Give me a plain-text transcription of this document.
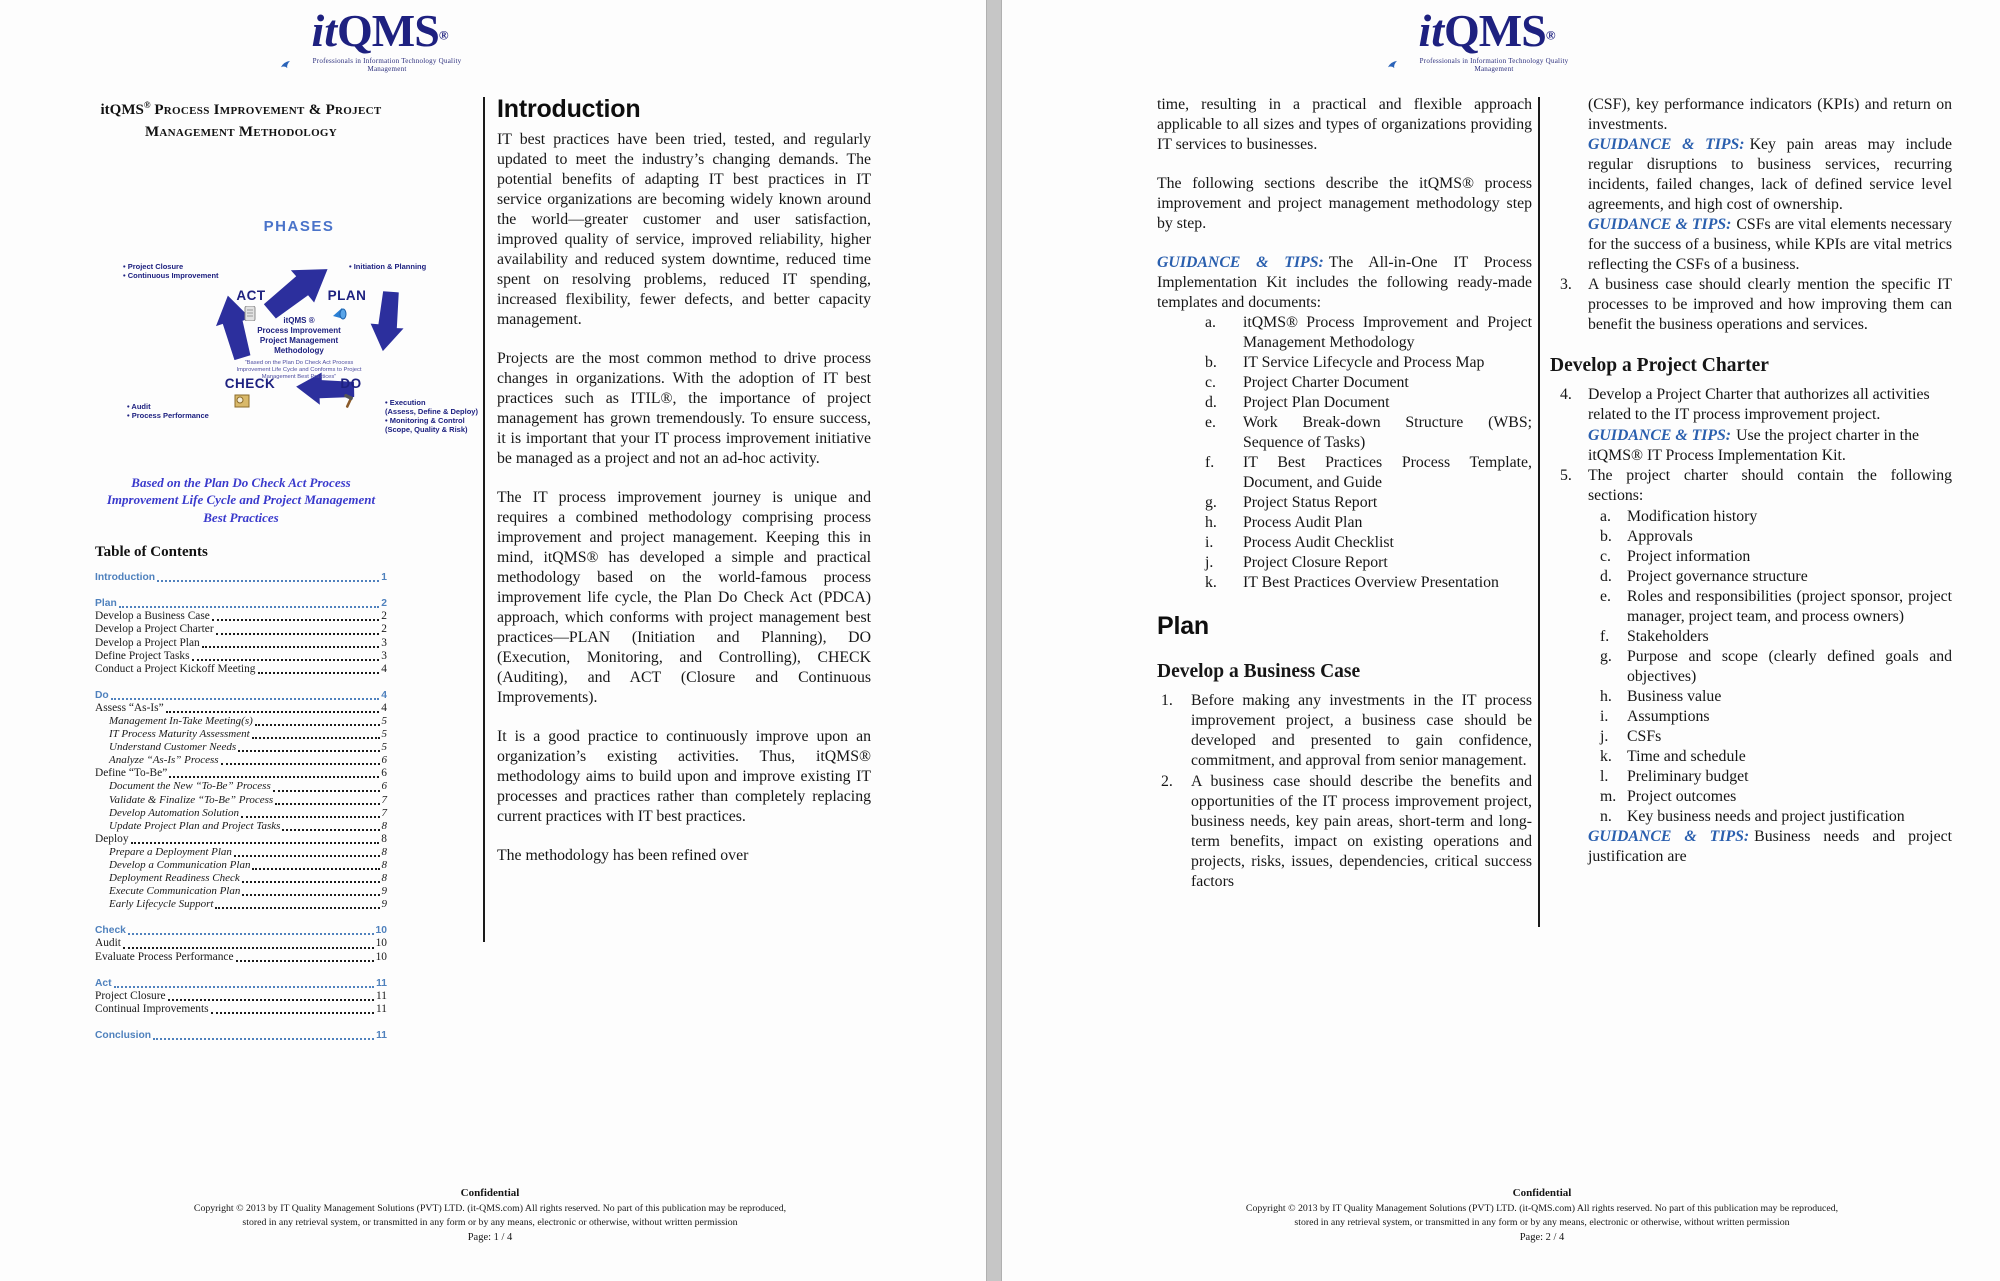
itQMS®
Professionals in Information Technology Quality Management
itQMS® Process Improvement & Project Management Methodology
PHASES
ACT	PLAN
CHECK	DO
• Project Closure
• Continuous Improvement
• Initiation & Planning
• Audit
• Process Performance
• Execution
(Assess, Define & Deploy)
• Monitoring & Control
(Scope, Quality & Risk)
itQMS ®
Process Improvement
Project Management
Methodology
“Based on the Plan Do Check Act Process Improvement Life Cycle and Conforms to Project Management Best Practices”
Based on the Plan Do Check Act Process Improvement Life Cycle and Project Management Best Practices
Table of Contents
Introduction	1
Plan	2
Develop a Business Case	2
Develop a Project Charter	2
Develop a Project Plan	3
Define Project Tasks	3
Conduct a Project Kickoff Meeting	4
Do	4
Assess “As-Is”	4
Management In-Take Meeting(s)	5
IT Process Maturity Assessment	5
Understand Customer Needs	5
Analyze “As-Is” Process	6
Define “To-Be”	6
Document the New “To-Be” Process	6
Validate & Finalize “To-Be” Process	7
Develop Automation Solution	7
Update Project Plan and Project Tasks	8
Deploy	8
Prepare a Deployment Plan	8
Develop a Communication Plan	8
Deployment Readiness Check	8
Execute Communication Plan	9
Early Lifecycle Support	9
Check	10
Audit	10
Evaluate Process Performance	10
Act	11
Project Closure	11
Continual Improvements	11
Conclusion	11
Introduction

IT best practices have been tried, tested, and regularly updated to meet the industry’s changing demands. The potential benefits of adapting IT best practices in IT service organizations are becoming widely known around the world—greater customer and user satisfaction, improved quality of service, improved reliability, higher availability and reduced system downtime, reduced time spent on resolving problems, reduced IT spending, increased flexibility, fewer defects, and better capacity management.

Projects are the most common method to drive process changes in organizations. With the adoption of IT best practices such as ITIL®, the importance of project management has grown tremendously. To ensure success, it is important that your IT process improvement initiative be managed as a project and not an ad-hoc activity.

The IT process improvement journey is unique and requires a combined methodology comprising process improvement and project management. Keeping this in mind, itQMS® has developed a simple and practical methodology based on the world-famous process improvement life cycle, the Plan Do Check Act (PDCA) approach, which conforms with project management best practices—PLAN (Initiation and Planning), DO (Execution, Monitoring, and Controlling), CHECK (Auditing), and ACT (Closure and Continuous Improvements).

It is a good practice to continuously improve upon an organization’s existing activities. Thus, itQMS® methodology aims to build upon and improve existing IT processes and practices rather than completely replacing current practices with IT best practices.

The methodology has been refined over

Confidential
Copyright © 2013 by IT Quality Management Solutions (PVT) LTD. (it-QMS.com) All rights reserved. No part of this publication may be reproduced,
stored in any retrieval system, or transmitted in any form or by any means, electronic or otherwise, without written permission
Page: 1 / 4
itQMS®
Professionals in Information Technology Quality Management

time, resulting in a practical and flexible approach applicable to all sizes and types of organizations providing IT services to businesses.

The following sections describe the itQMS® process improvement and project management methodology step by step.

GUIDANCE & TIPS: The All-in-One IT Process Implementation Kit includes the following ready-made templates and documents:

a.	itQMS® Process Improvement and Project Management Methodology
b.	IT Service Lifecycle and Process Map
c.	Project Charter Document
d.	Project Plan Document
e.	Work Break-down Structure (WBS; Sequence of Tasks)
f.	IT Best Practices Process Template, Document, and Guide
g.	Project Status Report
h.	Process Audit Plan
i.	Process Audit Checklist
j.	Project Closure Report
k.	IT Best Practices Overview Presentation
Plan
Develop a Business Case
1.	Before making any investments in the IT process improvement project, a business case should be developed and presented to gain confidence, commitment, and approval from senior management.
2.	A business case should describe the benefits and opportunities of the IT process improvement project, business needs, key pain areas, short-term and long-term benefits, impact on existing operations and projects, risks, issues, dependencies, critical success factors

(CSF), key performance indicators (KPIs) and return on investments.

GUIDANCE & TIPS: Key pain areas may include regular disruptions to business services, recurring incidents, failed changes, lack of defined service level agreements, and high cost of ownership.

GUIDANCE & TIPS: CSFs are vital elements necessary for the success of a business, while KPIs are vital metrics reflecting the CSFs of a business.

3.	A business case should clearly mention the specific IT processes to be improved and how improving them can benefit the business operations and services.
Develop a Project Charter
4.	Develop a Project Charter that authorizes all activities related to the IT process improvement project.

GUIDANCE & TIPS: Use the project charter in the itQMS® IT Process Implementation Kit.

5.	The project charter should contain the following sections:
a.	Modification history
b. Approvals
c.	Project information
d. Project governance structure
e.	Roles and responsibilities (project sponsor, project manager, project team, and process owners)
f.	Stakeholders
g. Purpose and scope (clearly defined goals and objectives)
h. Business value
i.	Assumptions
j.	CSFs
k. Time and schedule
l.	Preliminary budget
m. Project outcomes
n. Key business needs and project justification

GUIDANCE & TIPS: Business needs and project justification are

Confidential
Copyright © 2013 by IT Quality Management Solutions (PVT) LTD. (it-QMS.com) All rights reserved. No part of this publication may be reproduced,
stored in any retrieval system, or transmitted in any form or by any means, electronic or otherwise, without written permission
Page: 2 / 4
